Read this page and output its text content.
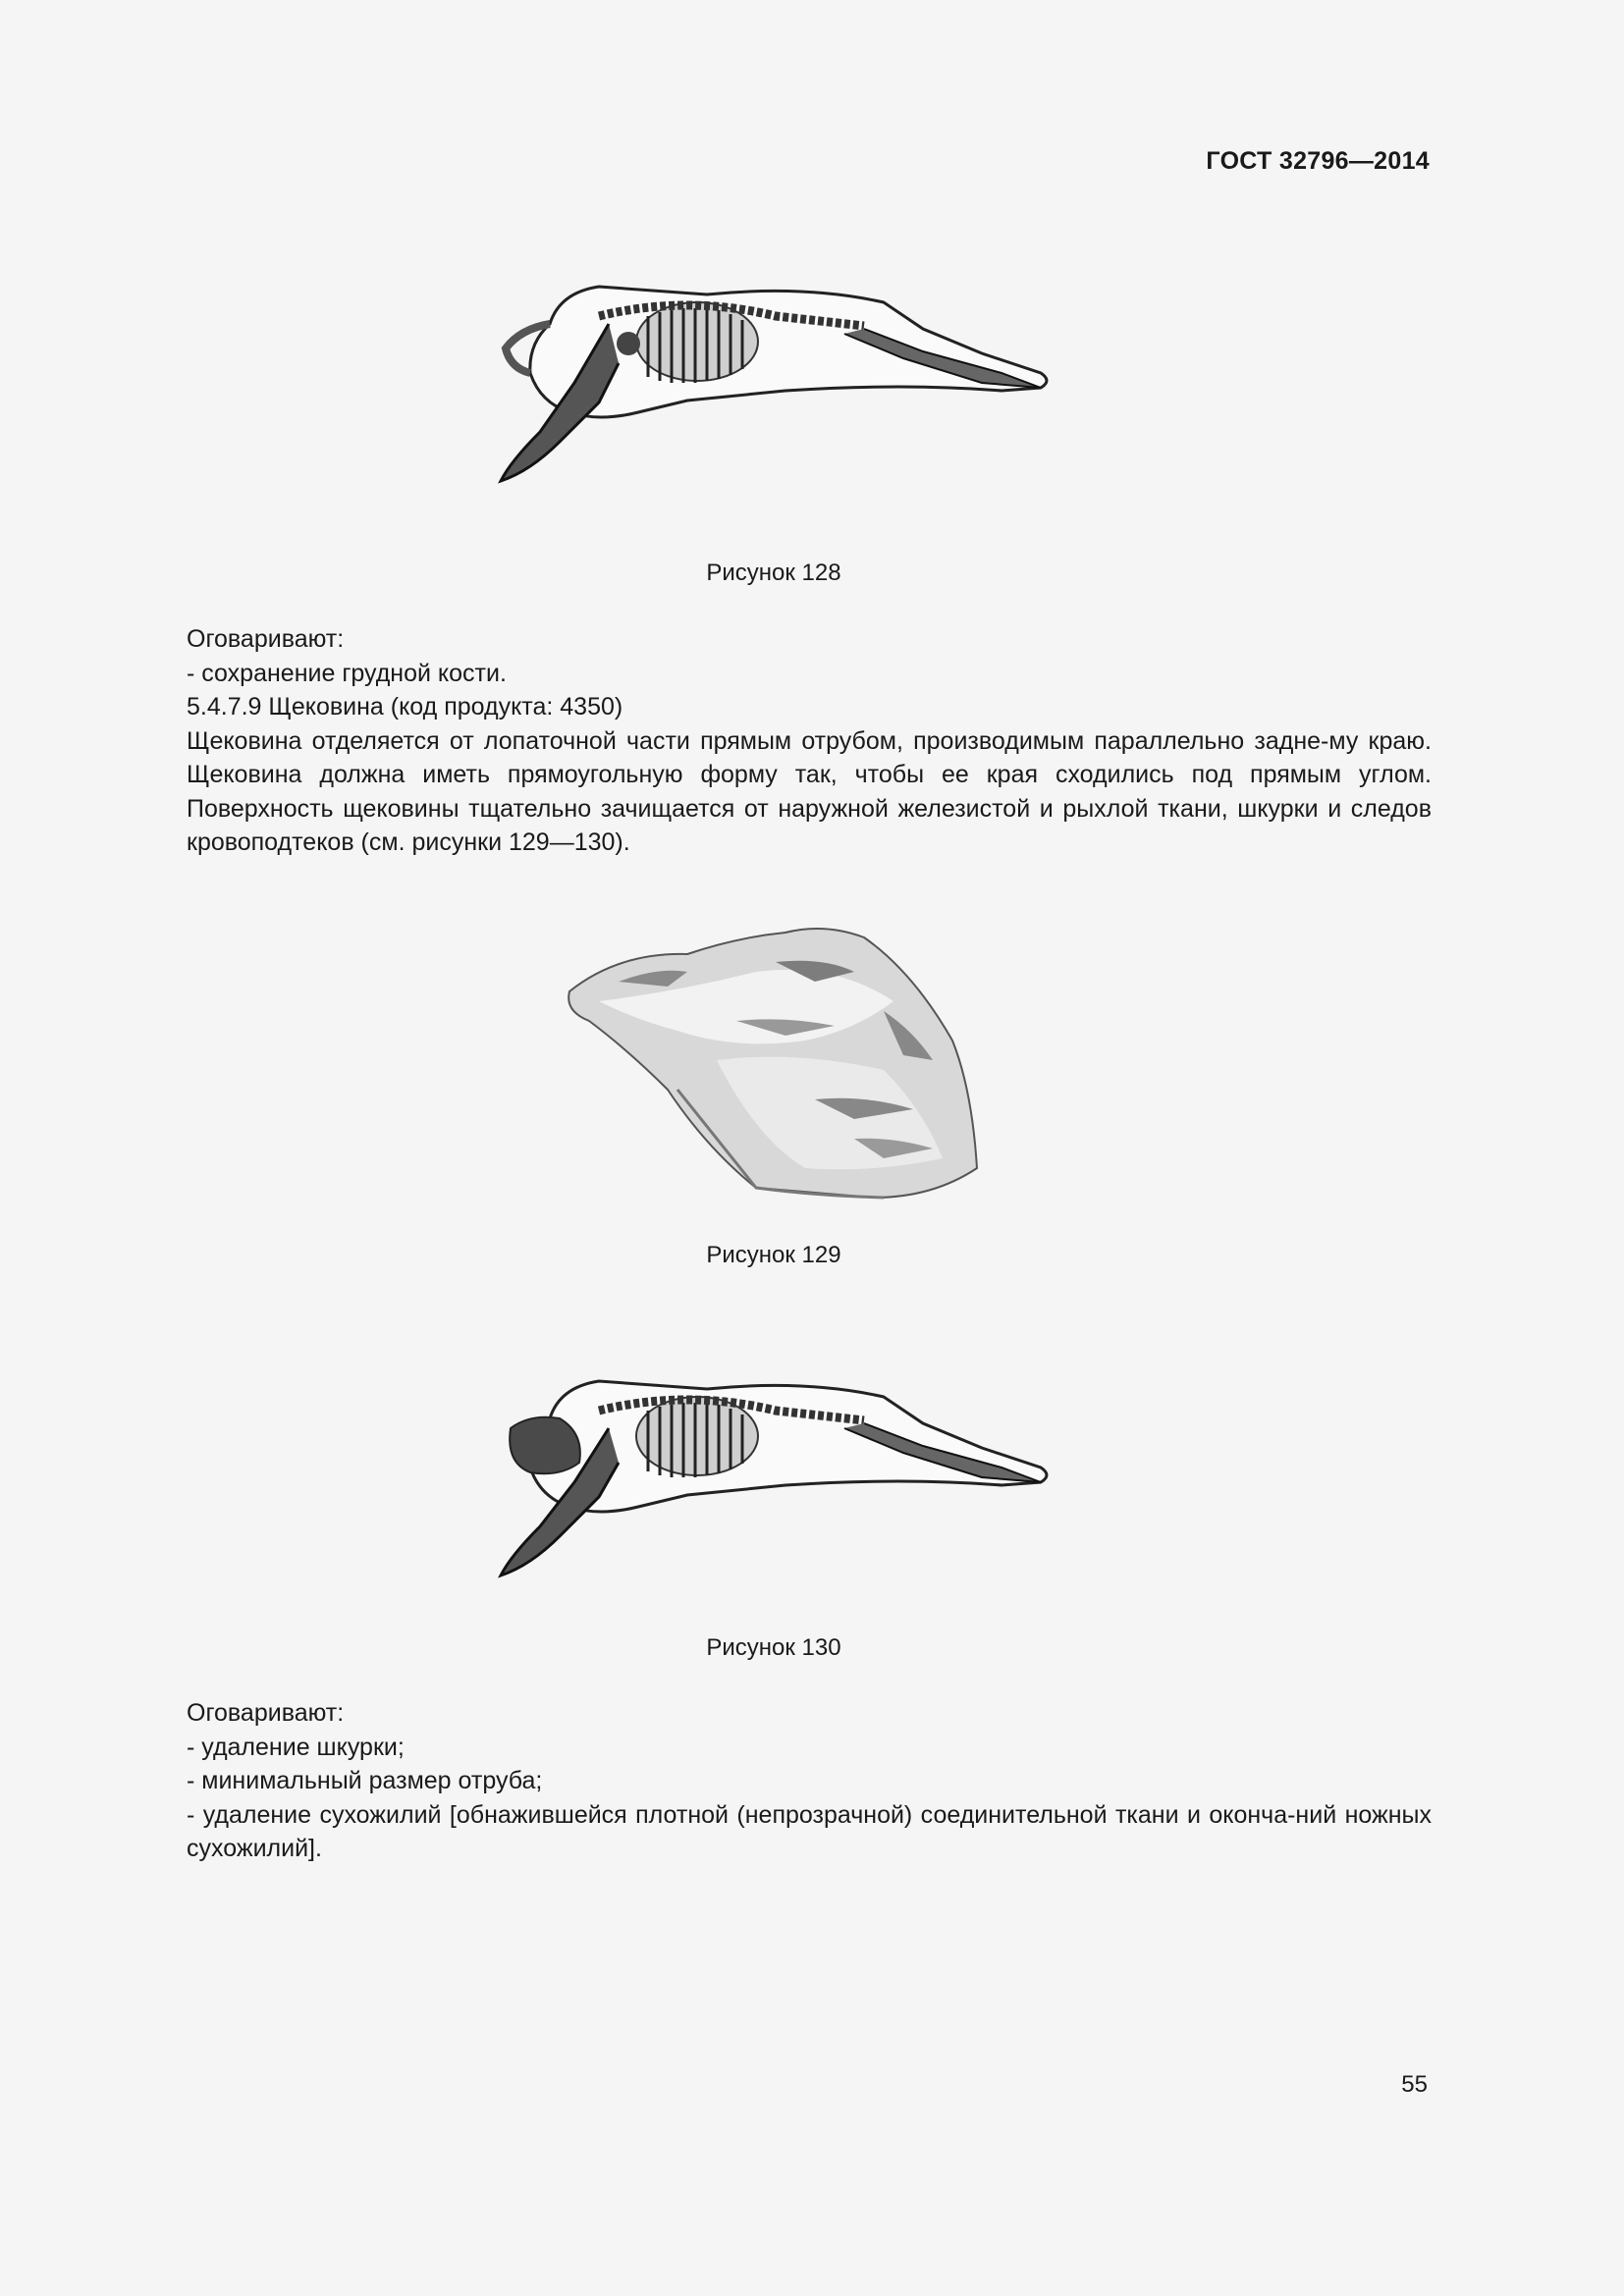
ГОСТ 32796—2014
Рисунок 128

Оговаривают:

- сохранение грудной кости.

5.4.7.9 Щековина (код продукта: 4350)

Щековина отделяется от лопаточной части прямым отрубом, производимым параллельно задне-му краю. Щековина должна иметь прямоугольную форму так, чтобы ее края сходились под прямым углом. Поверхность щековины тщательно зачищается от наружной железистой и рыхлой ткани, шкурки и следов кровоподтеков (см. рисунки 129—130).

Рисунок 129
Рисунок 130

Оговаривают:

- удаление шкурки;

- минимальный размер отруба;

- удаление сухожилий [обнажившейся плотной (непрозрачной) соединительной ткани и оконча-ний ножных сухожилий].

55
